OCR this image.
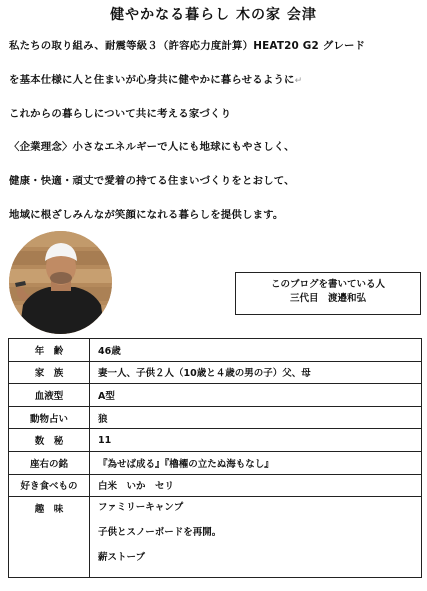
健やかなる暮らし 木の家 会津

私たちの取り組み、耐震等級３（許容応力度計算）HEAT20 G2 グレード

を基本仕様に人と住まいが心身共に健やかに暮らせるように↵

これからの暮らしについて共に考える家づくり

〈企業理念〉小さなエネルギーで人にも地球にもやさしく、

健康・快適・頑丈で愛着の持てる住まいづくりをとおして、

地域に根ざしみんなが笑顔になれる暮らしを提供します。

このブログを書いている人
三代目　渡邉和弘
年　齢	46歳
家　族	妻一人、子供２人（10歳と４歳の男の子）父、母
血液型	A型
動物占い	狼
数　秘	11
座右の銘	『為せば成る』『櫓櫂の立たぬ海もなし』
好き食べもの	白米　いか　セリ
趣　味	ファミリーキャンプ
子供とスノーボードを再開。
薪ストーブ
